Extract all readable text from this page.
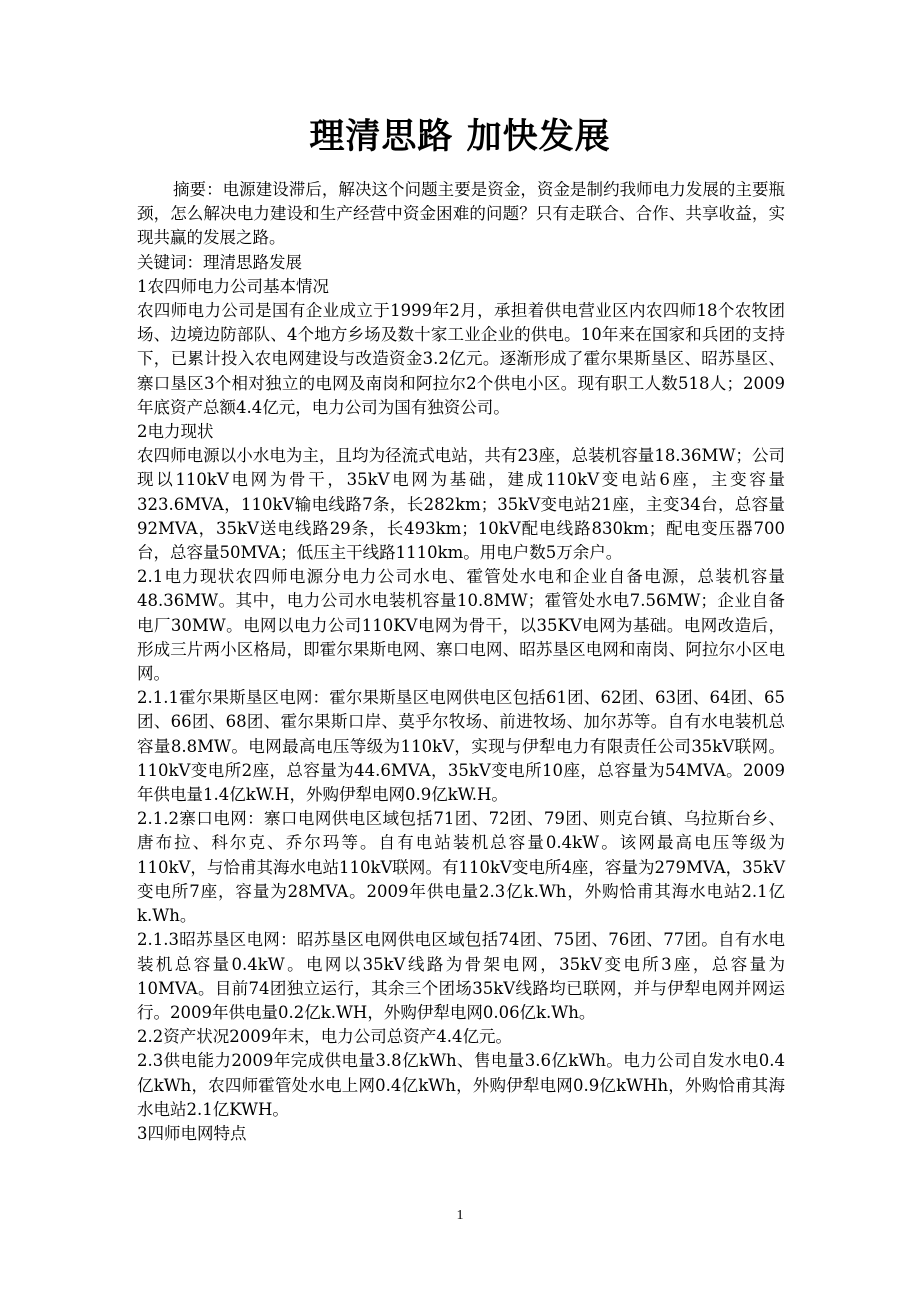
理清思路 加快发展

摘要：电源建设滞后，解决这个问题主要是资金，资金是制约我师电力发展的主要瓶颈，怎么解决电力建设和生产经营中资金困难的问题？只有走联合、合作、共享收益，实现共赢的发展之路。

关键词：理清思路发展

1农四师电力公司基本情况

农四师电力公司是国有企业成立于1999年2月，承担着供电营业区内农四师18个农牧团场、边境边防部队、4个地方乡场及数十家工业企业的供电。10年来在国家和兵团的支持下，已累计投入农电网建设与改造资金3.2亿元。逐渐形成了霍尔果斯垦区、昭苏垦区、寨口垦区3个相对独立的电网及南岗和阿拉尔2个供电小区。现有职工人数518人；2009年底资产总额4.4亿元，电力公司为国有独资公司。

2电力现状

农四师电源以小水电为主，且均为径流式电站，共有23座，总装机容量18.36MW；公司现以110kV电网为骨干，35kV电网为基础，建成110kV变电站6座，主变容量323.6MVA，110kV输电线路7条，长282km；35kV变电站21座，主变34台，总容量92MVA，35kV送电线路29条，长493km；10kV配电线路830km；配电变压器700台，总容量50MVA；低压主干线路1110km。用电户数5万余户。

2.1电力现状农四师电源分电力公司水电、霍管处水电和企业自备电源，总装机容量48.36MW。其中，电力公司水电装机容量10.8MW；霍管处水电7.56MW；企业自备电厂30MW。电网以电力公司110KV电网为骨干，以35KV电网为基础。电网改造后，形成三片两小区格局，即霍尔果斯电网、寨口电网、昭苏垦区电网和南岗、阿拉尔小区电网。

2.1.1霍尔果斯垦区电网：霍尔果斯垦区电网供电区包括61团、62团、63团、64团、65团、66团、68团、霍尔果斯口岸、莫乎尔牧场、前进牧场、加尔苏等。自有水电装机总容量8.8MW。电网最高电压等级为110kV，实现与伊犁电力有限责任公司35kV联网。110kV变电所2座，总容量为44.6MVA，35kV变电所10座，总容量为54MVA。2009年供电量1.4亿kW.H，外购伊犁电网0.9亿kW.H。

2.1.2寨口电网：寨口电网供电区域包括71团、72团、79团、则克台镇、乌拉斯台乡、唐布拉、科尔克、乔尔玛等。自有电站装机总容量0.4kW。该网最高电压等级为110kV，与恰甫其海水电站110kV联网。有110kV变电所4座，容量为279MVA，35kV变电所7座，容量为28MVA。2009年供电量2.3亿k.Wh，外购恰甫其海水电站2.1亿k.Wh。

2.1.3昭苏垦区电网：昭苏垦区电网供电区域包括74团、75团、76团、77团。自有水电装机总容量0.4kW。电网以35kV线路为骨架电网，35kV变电所3座，总容量为10MVA。目前74团独立运行，其余三个团场35kV线路均已联网，并与伊犁电网并网运行。2009年供电量0.2亿k.WH，外购伊犁电网0.06亿k.Wh。

2.2资产状况2009年末，电力公司总资产4.4亿元。

2.3供电能力2009年完成供电量3.8亿kWh、售电量3.6亿kWh。电力公司自发水电0.4亿kWh，农四师霍管处水电上网0.4亿kWh，外购伊犁电网0.9亿kWHh，外购恰甫其海水电站2.1亿KWH。

3四师电网特点

1
